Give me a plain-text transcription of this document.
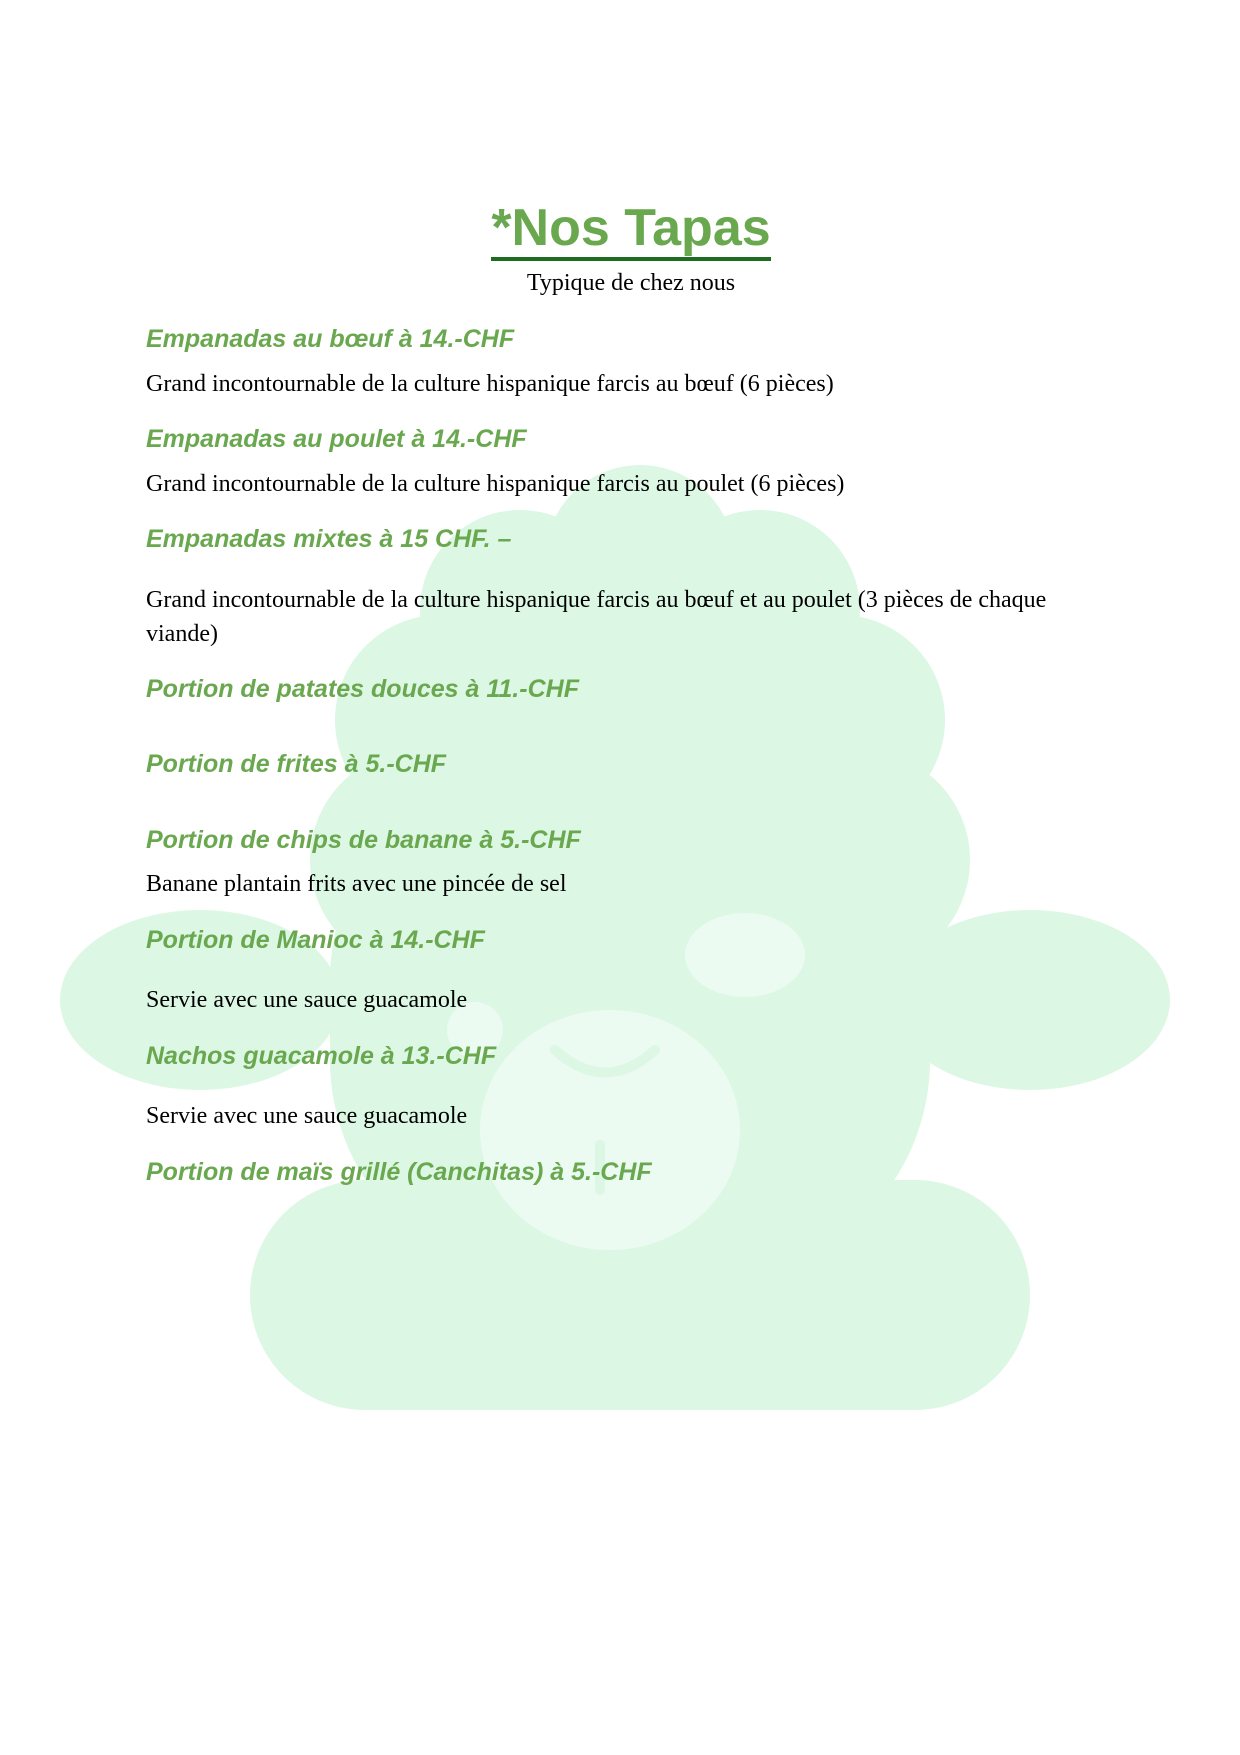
*Nos Tapas
Typique de chez nous
Empanadas au bœuf à 14.-CHF
Grand incontournable de la culture hispanique farcis au bœuf (6 pièces)
Empanadas au poulet à 14.-CHF
Grand incontournable de la culture hispanique farcis au poulet (6 pièces)
Empanadas mixtes à 15 CHF. –
Grand incontournable de la culture hispanique farcis au bœuf et au poulet (3 pièces de chaque viande)
Portion de patates douces à 11.-CHF
Portion de frites à 5.-CHF
Portion de chips de banane à 5.-CHF
Banane plantain frits avec une pincée de sel
Portion de Manioc à 14.-CHF
Servie avec une sauce guacamole
Nachos guacamole à 13.-CHF
Servie avec une sauce guacamole
Portion de maïs grillé (Canchitas) à 5.-CHF
